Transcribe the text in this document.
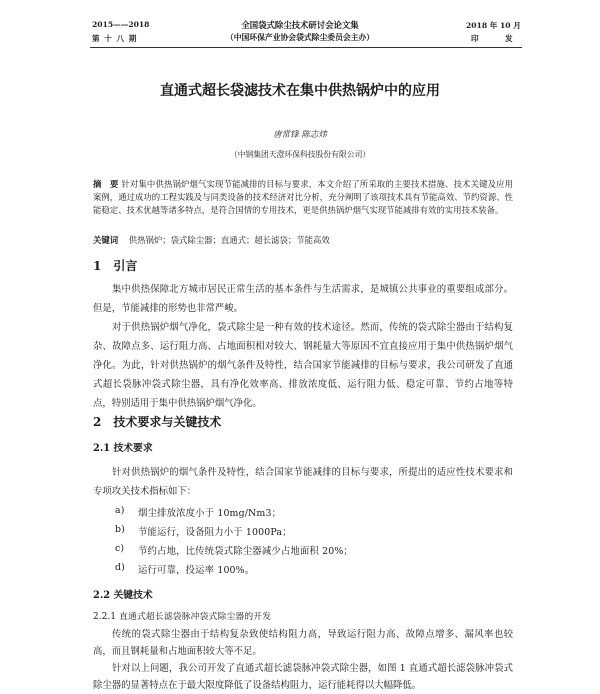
2015——2018
第 十 八 期
全国袋式除尘技术研讨会论文集
（中国环保产业协会袋式除尘委员会主办）
2018 年 10 月
印	发
直通式超长袋滤技术在集中供热锅炉中的应用
唐常锋 陈志炜
（中钢集团天澄环保科技股份有限公司）
摘　要 针对集中供热锅炉烟气实现节能减排的目标与要求，本文介绍了所采取的主要技术措施、技术关键及应用案例，通过成功的工程实践及与同类设备的技术经济对比分析，充分阐明了该项技术具有节能高效、节约资源、性能稳定、技术优越等诸多特点，是符合国情的专用技术，更是供热锅炉烟气实现节能减排有效的实用技术装备。
关键词 供热锅炉；袋式除尘器；直通式；超长滤袋；节能高效
1　引言
集中供热保障北方城市居民正常生活的基本条件与生活需求，是城镇公共事业的重要组成部分。但是，节能减排的形势也非常严峻。
对于供热锅炉烟气净化，袋式除尘是一种有效的技术途径。然而，传统的袋式除尘器由于结构复杂、故障点多、运行阻力高、占地面积相对较大、钢耗量大等原因不宜直接应用于集中供热锅炉烟气净化。为此，针对供热锅炉的烟气条件及特性，结合国家节能减排的目标与要求，我公司研发了直通式超长袋脉冲袋式除尘器，具有净化效率高、排放浓度低、运行阻力低、稳定可靠、节约占地等特点，特别适用于集中供热锅炉烟气净化。
2　技术要求与关键技术
2.1 技术要求
针对供热锅炉的烟气条件及特性，结合国家节能减排的目标与要求，所提出的适应性技术要求和专项攻关技术指标如下：
a) 烟尘排放浓度小于 10mg/Nm3；
b) 节能运行，设备阻力小于 1000Pa；
c) 节约占地，比传统袋式除尘器减少占地面积 20%；
d) 运行可靠，投运率 100%。
2.2 关键技术
2.2.1 直通式超长滤袋脉冲袋式除尘器的开发
传统的袋式除尘器由于结构复杂致使结构阻力高，导致运行阻力高、故障点增多、漏风率也较高，而且钢耗量和占地面积较大等不足。
针对以上问题，我公司开发了直通式超长滤袋脉冲袋式除尘器，如图 1 直通式超长滤袋脉冲袋式除尘器的显著特点在于最大限度降低了设备结构阻力，运行能耗得以大幅降低。
